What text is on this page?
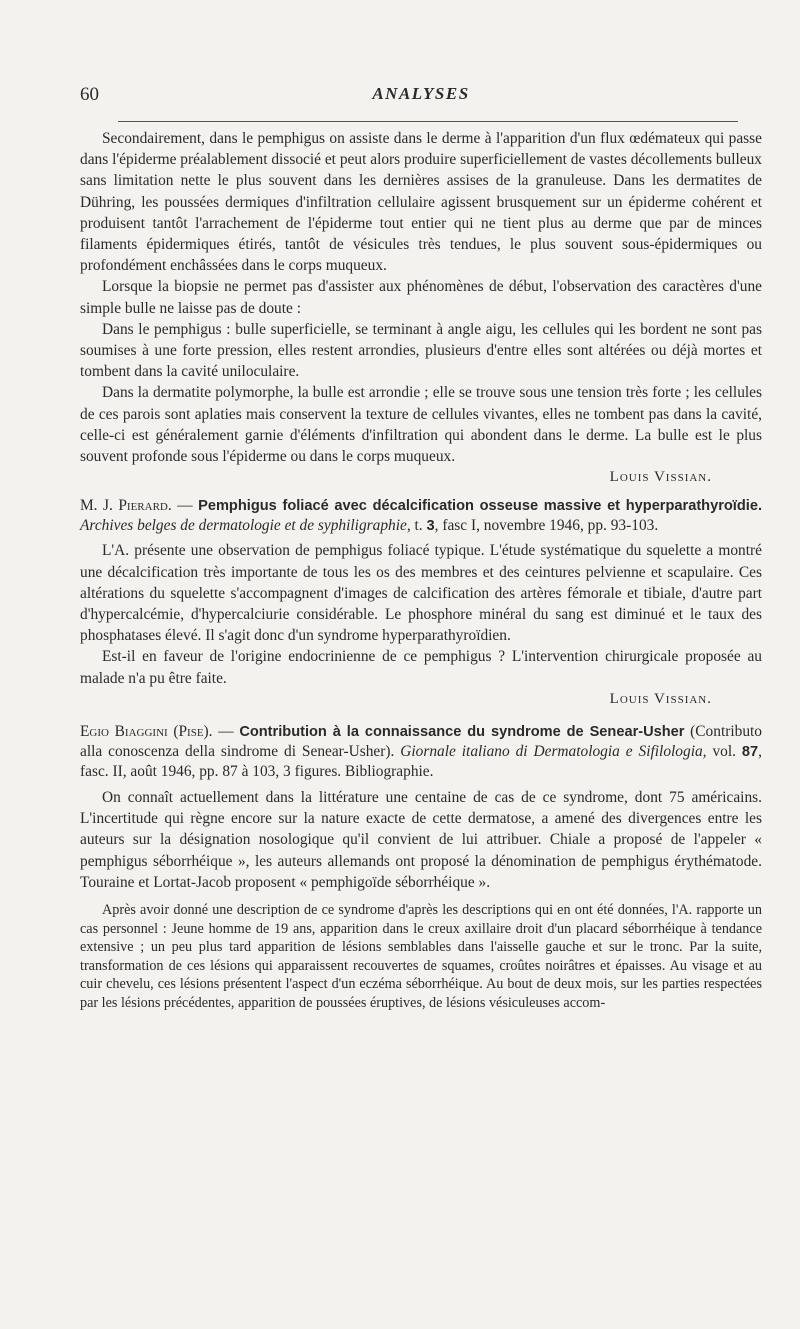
60	ANALYSES

Secondairement, dans le pemphigus on assiste dans le derme à l'apparition d'un flux œdémateux qui passe dans l'épiderme préalablement dissocié et peut alors produire superficiellement de vastes décollements bulleux sans limitation nette le plus souvent dans les dernières assises de la granuleuse. Dans les dermatites de Dühring, les poussées dermiques d'infiltration cellulaire agissent brusquement sur un épiderme cohérent et produisent tantôt l'arrachement de l'épiderme tout entier qui ne tient plus au derme que par de minces filaments épidermiques étirés, tantôt de vésicules très tendues, le plus souvent sous-épidermiques ou profondément enchâssées dans le corps muqueux.

Lorsque la biopsie ne permet pas d'assister aux phénomènes de début, l'observation des caractères d'une simple bulle ne laisse pas de doute :

Dans le pemphigus : bulle superficielle, se terminant à angle aigu, les cellules qui les bordent ne sont pas soumises à une forte pression, elles restent arrondies, plusieurs d'entre elles sont altérées ou déjà mortes et tombent dans la cavité uniloculaire.

Dans la dermatite polymorphe, la bulle est arrondie ; elle se trouve sous une tension très forte ; les cellules de ces parois sont aplaties mais conservent la texture de cellules vivantes, elles ne tombent pas dans la cavité, celle-ci est généralement garnie d'éléments d'infiltration qui abondent dans le derme. La bulle est le plus souvent profonde sous l'épiderme ou dans le corps muqueux.

Louis Vissian.

M. J. Pierard. — Pemphigus foliacé avec décalcification osseuse massive et hyperparathyroïdie. Archives belges de dermatologie et de syphiligraphie, t. 3, fasc I, novembre 1946, pp. 93-103.

L'A. présente une observation de pemphigus foliacé typique. L'étude systématique du squelette a montré une décalcification très importante de tous les os des membres et des ceintures pelvienne et scapulaire. Ces altérations du squelette s'accompagnent d'images de calcification des artères fémorale et tibiale, d'autre part d'hypercalcémie, d'hypercalciurie considérable. Le phosphore minéral du sang est diminué et le taux des phosphatases élevé. Il s'agit donc d'un syndrome hyperparathyroïdien.

Est-il en faveur de l'origine endocrinienne de ce pemphigus ? L'intervention chirurgicale proposée au malade n'a pu être faite.

Louis Vissian.

Egio Biaggini (Pise). — Contribution à la connaissance du syndrome de Senear-Usher (Contributo alla conoscenza della sindrome di Senear-Usher). Giornale italiano di Dermatologia e Sifilologia, vol. 87, fasc. II, août 1946, pp. 87 à 103, 3 figures. Bibliographie.

On connaît actuellement dans la littérature une centaine de cas de ce syndrome, dont 75 américains. L'incertitude qui règne encore sur la nature exacte de cette dermatose, a amené des divergences entre les auteurs sur la désignation nosologique qu'il convient de lui attribuer. Chiale a proposé de l'appeler « pemphigus séborrhéique », les auteurs allemands ont proposé la dénomination de pemphigus érythématode. Touraine et Lortat-Jacob proposent « pemphigoïde séborrhéique ».

Après avoir donné une description de ce syndrome d'après les descriptions qui en ont été données, l'A. rapporte un cas personnel : Jeune homme de 19 ans, apparition dans le creux axillaire droit d'un placard séborrhéique à tendance extensive ; un peu plus tard apparition de lésions semblables dans l'aisselle gauche et sur le tronc. Par la suite, transformation de ces lésions qui apparaissent recouvertes de squames, croûtes noirâtres et épaisses. Au visage et au cuir chevelu, ces lésions présentent l'aspect d'un eczéma séborrhéique. Au bout de deux mois, sur les parties respectées par les lésions précédentes, apparition de poussées éruptives, de lésions vésiculeuses accom-
